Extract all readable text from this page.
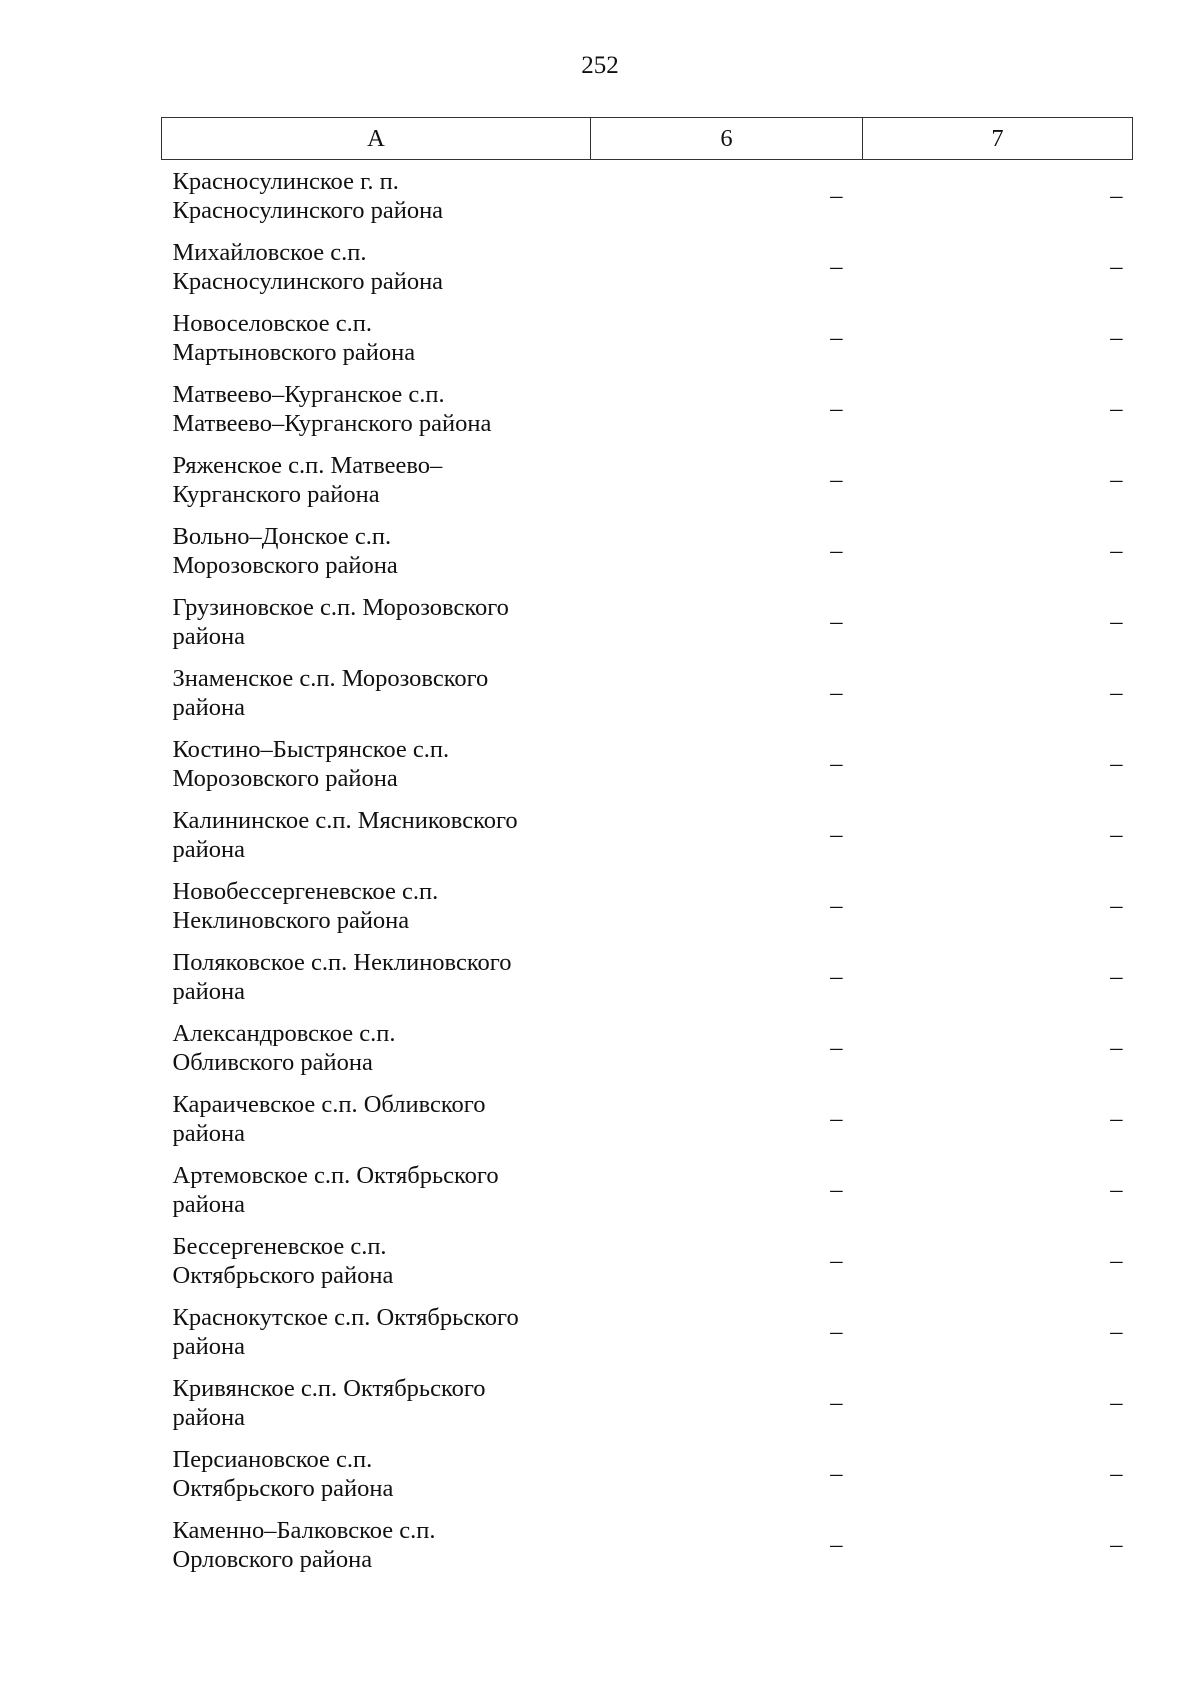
252
А	6	7

Красносулинское г. п.
Красносулинского района	–	–

Михайловское с.п.
Красносулинского района	–	–

Новоселовское с.п.
Мартыновского района	–	–

Матвеево–Курганское с.п.
Матвеево–Курганского района	–	–

Ряженское с.п. Матвеево–
Курганского района	–	–

Вольно–Донское с.п.
Морозовского района	–	–

Грузиновское с.п. Морозовского
района	–	–

Знаменское с.п. Морозовского
района	–	–

Костино–Быстрянское с.п.
Морозовского района	–	–

Калининское с.п. Мясниковского
района	–	–

Новобессергеневское с.п.
Неклиновского района	–	–

Поляковское с.п. Неклиновского
района	–	–

Александровское с.п.
Обливского района	–	–

Караичевское с.п. Обливского
района	–	–

Артемовское с.п. Октябрьского
района	–	–

Бессергеневское с.п.
Октябрьского района	–	–

Краснокутское с.п. Октябрьского
района	–	–

Кривянское с.п. Октябрьского
района	–	–

Персиановское с.п.
Октябрьского района	–	–

Каменно–Балковское с.п.
Орловского района	–	–
